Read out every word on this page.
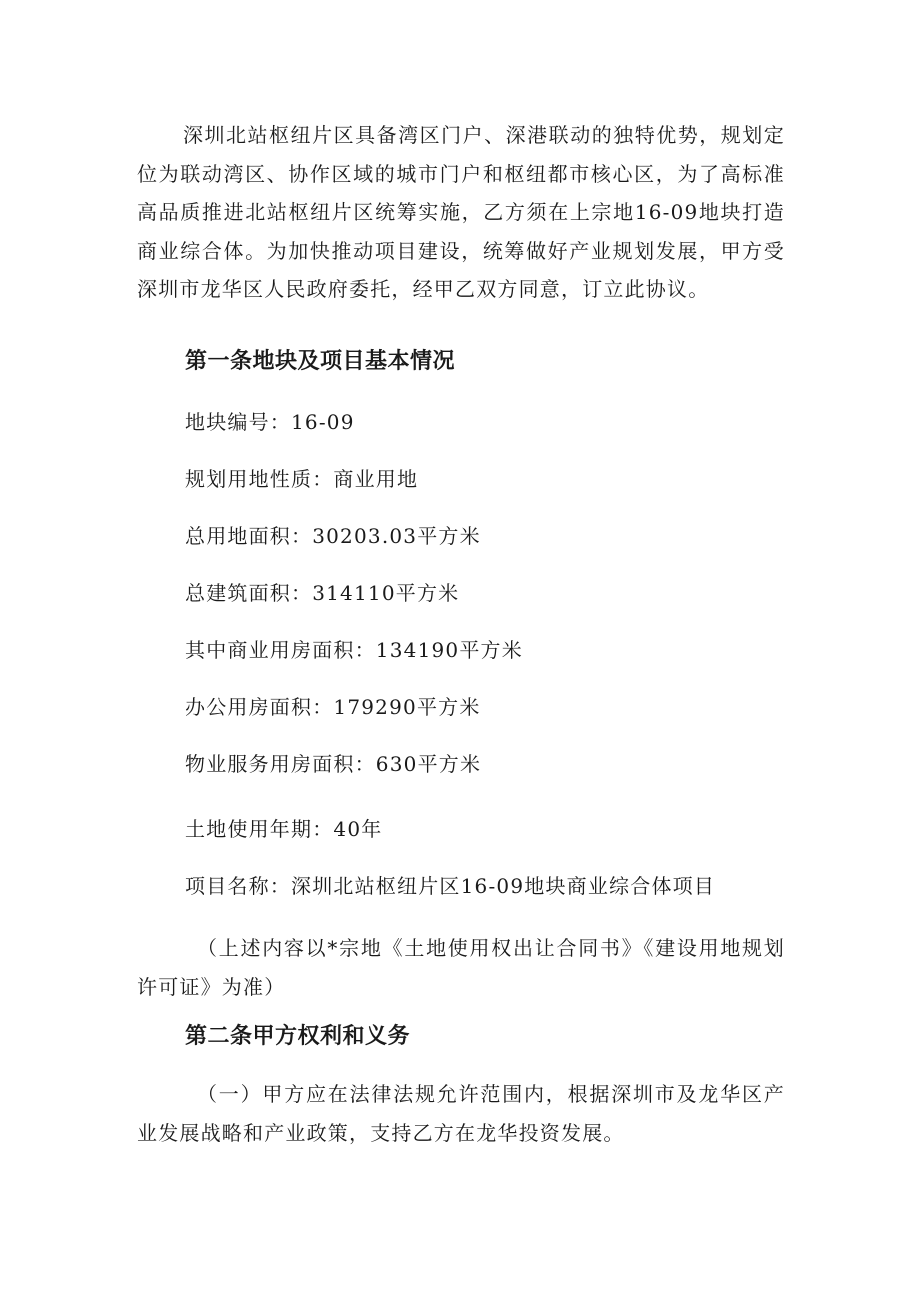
深圳北站枢纽片区具备湾区门户、深港联动的独特优势，规划定位为联动湾区、协作区域的城市门户和枢纽都市核心区，为了高标准高品质推进北站枢纽片区统筹实施，乙方须在上宗地16-09地块打造商业综合体。为加快推动项目建设，统筹做好产业规划发展，甲方受深圳市龙华区人民政府委托，经甲乙双方同意，订立此协议。

第一条地块及项目基本情况

地块编号：16-09

规划用地性质：商业用地

总用地面积：30203.03平方米

总建筑面积：314110平方米

其中商业用房面积：134190平方米

办公用房面积：179290平方米

物业服务用房面积：630平方米

土地使用年期：40年

项目名称：深圳北站枢纽片区16-09地块商业综合体项目

（上述内容以*宗地《土地使用权出让合同书》《建设用地规划许可证》为准）

第二条甲方权利和义务

（一）甲方应在法律法规允许范围内，根据深圳市及龙华区产业发展战略和产业政策，支持乙方在龙华投资发展。
